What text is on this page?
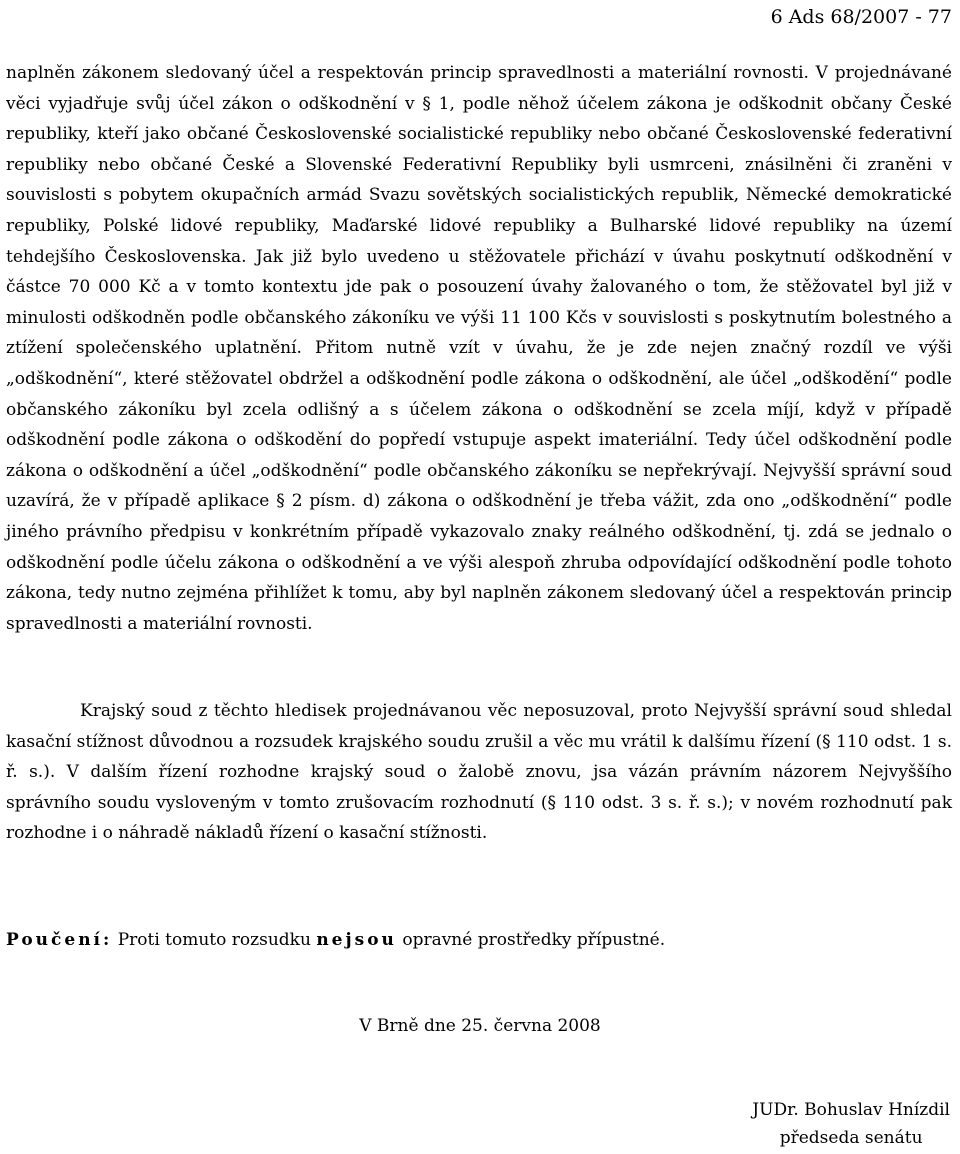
6 Ads 68/2007 - 77

naplněn zákonem sledovaný účel a respektován princip spravedlnosti a materiální rovnosti. V projednávané věci vyjadřuje svůj účel zákon o odškodnění v § 1, podle něhož účelem zákona je odškodnit občany České republiky, kteří jako občané Československé socialistické republiky nebo občané Československé federativní republiky nebo občané České a Slovenské Federativní Republiky byli usmrceni, znásilněni či zraněni v souvislosti s pobytem okupačních armád Svazu sovětských socialistických republik, Německé demokratické republiky, Polské lidové republiky, Maďarské lidové republiky a Bulharské lidové republiky na území tehdejšího Československa. Jak již bylo uvedeno u stěžovatele přichází v úvahu poskytnutí odškodnění v částce 70 000 Kč a v tomto kontextu jde pak o posouzení úvahy žalovaného o tom, že stěžovatel byl již v minulosti odškodněn podle občanského zákoníku ve výši 11 100 Kčs v souvislosti s poskytnutím bolestného a ztížení společenského uplatnění. Přitom nutně vzít v úvahu, že je zde nejen značný rozdíl ve výši „odškodnění“, které stěžovatel obdržel a odškodnění podle zákona o odškodnění, ale účel „odškodění“ podle občanského zákoníku byl zcela odlišný a s účelem zákona o odškodnění se zcela míjí, když v případě odškodnění podle zákona o odškodění do popředí vstupuje aspekt imateriální. Tedy účel odškodnění podle zákona o odškodnění a účel „odškodnění“ podle občanského zákoníku se nepřekrývají. Nejvyšší správní soud uzavírá, že v případě aplikace § 2 písm. d) zákona o odškodnění je třeba vážit, zda ono „odškodnění“ podle jiného právního předpisu v konkrétním případě vykazovalo znaky reálného odškodnění, tj. zdá se jednalo o odškodnění podle účelu zákona o odškodnění a ve výši alespoň zhruba odpovídající odškodnění podle tohoto zákona, tedy nutno zejména přihlížet k tomu, aby byl naplněn zákonem sledovaný účel a respektován princip spravedlnosti a materiální rovnosti.

Krajský soud z těchto hledisek projednávanou věc neposuzoval, proto Nejvyšší správní soud shledal kasační stížnost důvodnou a rozsudek krajského soudu zrušil a věc mu vrátil k dalšímu řízení (§ 110 odst. 1 s. ř. s.). V dalším řízení rozhodne krajský soud o žalobě znovu, jsa vázán právním názorem Nejvyššího správního soudu vysloveným v tomto zrušovacím rozhodnutí (§ 110 odst. 3 s. ř. s.); v novém rozhodnutí pak rozhodne i o náhradě nákladů řízení o kasační stížnosti.

Poučení: Proti tomuto rozsudku nejsou opravné prostředky přípustné.

V Brně dne 25. června 2008
JUDr. Bohuslav Hnízdil
předseda senátu
